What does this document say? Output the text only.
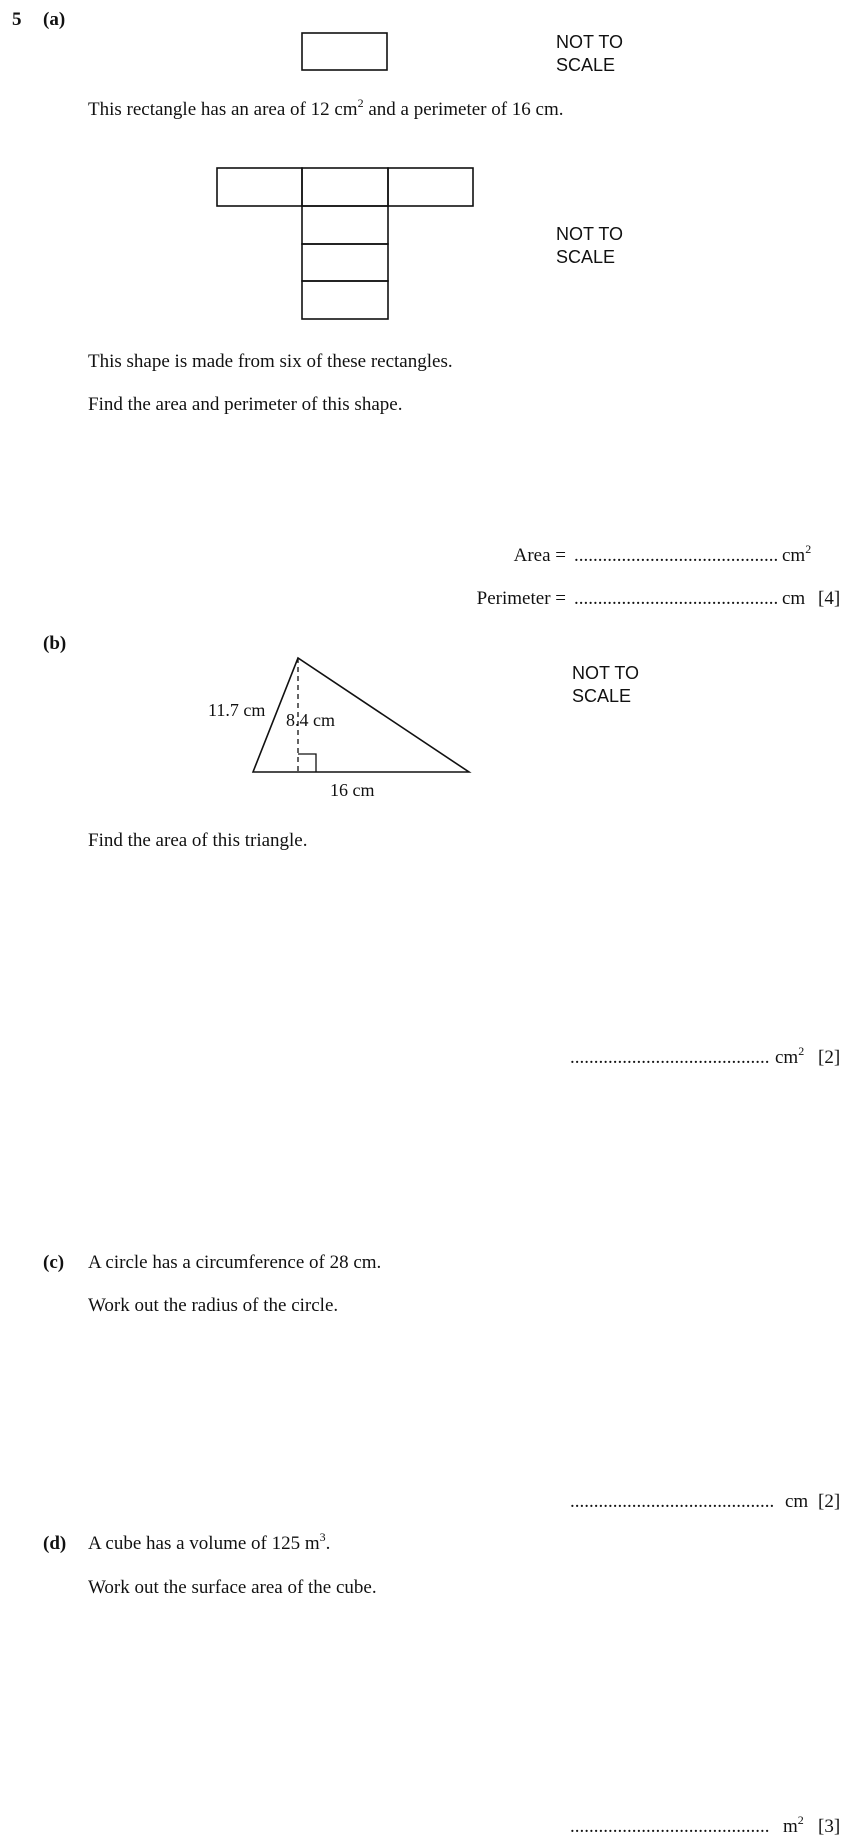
5 (a)
NOT TO
SCALE
This rectangle has an area of 12 $cm^2$ and a perimeter of 16 cm.
NOT TO
SCALE
This shape is made from six of these rectangles.
Find the area and perimeter of this shape.
Area = ........................................... $cm^2$
Perimeter = ........................................... cm [4]
(b)
11.7 cm 8.4 cm
16 cm
NOT TO
SCALE
Find the area of this triangle.
.......................................... $cm^2$ [2]
(c) A circle has a circumference of 28 cm.
Work out the radius of the circle.
........................................... cm [2]
(d) A cube has a volume of 125 $m^3$.
Work out the surface area of the cube.
.......................................... $m^2$ [3]
